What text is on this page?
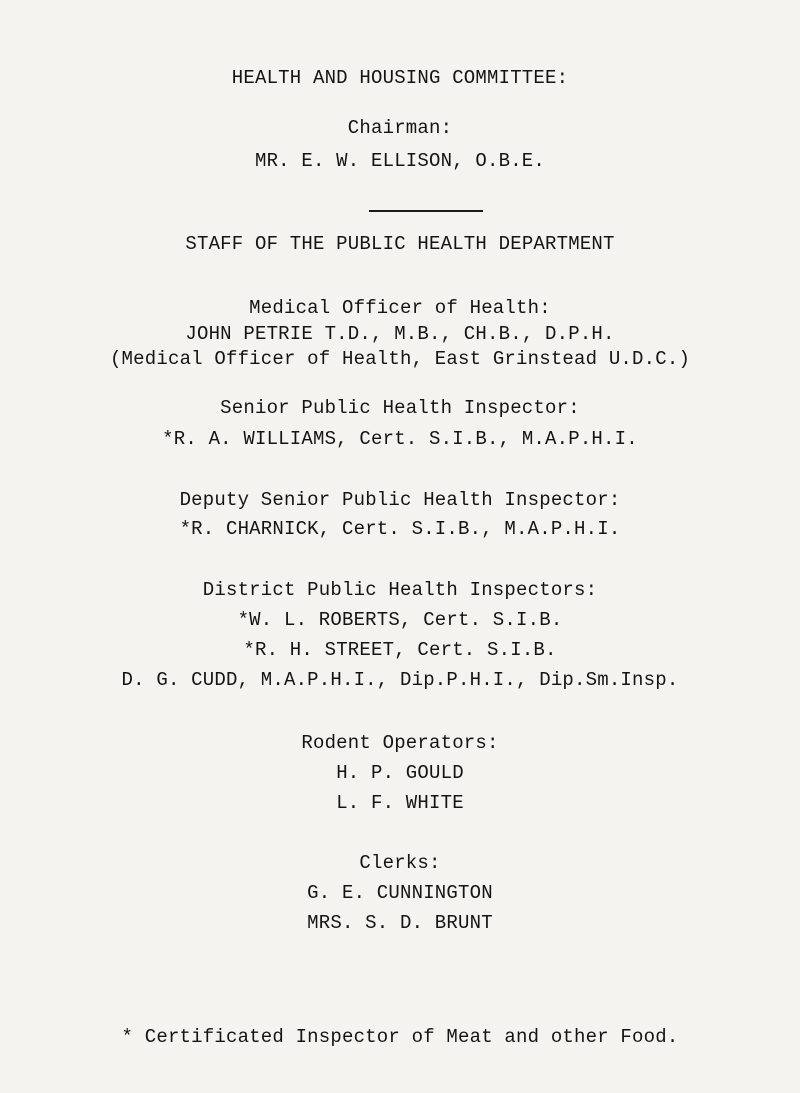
HEALTH AND HOUSING COMMITTEE:
Chairman:
MR. E. W. ELLISON, O.B.E.
STAFF OF THE PUBLIC HEALTH DEPARTMENT
Medical Officer of Health:
JOHN PETRIE T.D., M.B., CH.B., D.P.H.
(Medical Officer of Health, East Grinstead U.D.C.)
Senior Public Health Inspector:
*R. A. WILLIAMS, Cert. S.I.B., M.A.P.H.I.
Deputy Senior Public Health Inspector:
*R. CHARNICK, Cert. S.I.B., M.A.P.H.I.
District Public Health Inspectors:
*W. L. ROBERTS, Cert. S.I.B.
*R. H. STREET, Cert. S.I.B.
D. G. CUDD, M.A.P.H.I., Dip.P.H.I., Dip.Sm.Insp.
Rodent Operators:
H. P. GOULD
L. F. WHITE
Clerks:
G. E. CUNNINGTON
MRS. S. D. BRUNT
* Certificated Inspector of Meat and other Food.
